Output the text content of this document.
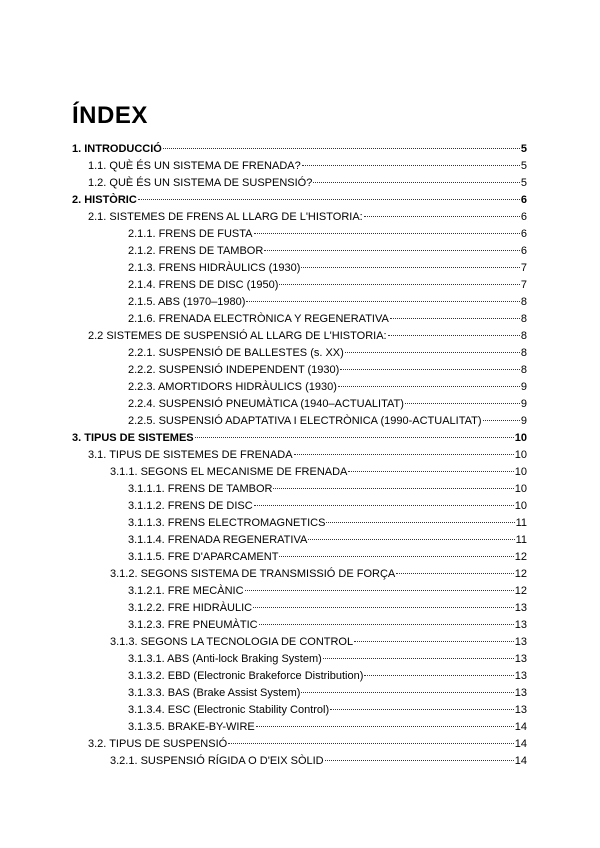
ÍNDEX
1. INTRODUCCIÓ	5
1.1. QUÈ ÉS UN SISTEMA DE FRENADA?	5
1.2. QUÈ ÉS UN SISTEMA DE SUSPENSIÓ?	5
2. HISTÒRIC	6
2.1. SISTEMES DE FRENS AL LLARG DE L'HISTORIA:	6
2.1.1. FRENS DE FUSTA	6
2.1.2. FRENS DE TAMBOR	6
2.1.3. FRENS HIDRÀULICS (1930)	7
2.1.4. FRENS DE DISC (1950)	7
2.1.5. ABS (1970–1980)	8
2.1.6. FRENADA ELECTRÒNICA Y REGENERATIVA	8
2.2 SISTEMES DE SUSPENSIÓ AL LLARG DE L'HISTORIA:	8
2.2.1. SUSPENSIÓ DE BALLESTES (s. XX)	8
2.2.2. SUSPENSIÓ INDEPENDENT (1930)	8
2.2.3. AMORTIDORS HIDRÀULICS (1930)	9
2.2.4. SUSPENSIÓ PNEUMÀTICA (1940–ACTUALITAT)	9
2.2.5. SUSPENSIÓ ADAPTATIVA I ELECTRÒNICA (1990-ACTUALITAT)	9
3. TIPUS DE SISTEMES	10
3.1. TIPUS DE SISTEMES DE FRENADA	10
3.1.1. SEGONS EL MECANISME DE FRENADA	10
3.1.1.1. FRENS DE TAMBOR	10
3.1.1.2. FRENS DE DISC	10
3.1.1.3. FRENS ELECTROMAGNETICS	11
3.1.1.4. FRENADA REGENERATIVA	11
3.1.1.5. FRE D'APARCAMENT	12
3.1.2. SEGONS SISTEMA DE TRANSMISSIÓ DE FORÇA	12
3.1.2.1. FRE MECÀNIC	12
3.1.2.2. FRE HIDRÀULIC	13
3.1.2.3. FRE PNEUMÀTIC	13
3.1.3. SEGONS LA TECNOLOGIA DE CONTROL	13
3.1.3.1. ABS (Anti-lock Braking System)	13
3.1.3.2. EBD (Electronic Brakeforce Distribution)	13
3.1.3.3. BAS (Brake Assist System)	13
3.1.3.4. ESC (Electronic Stability Control)	13
3.1.3.5. BRAKE-BY-WIRE	14
3.2. TIPUS DE SUSPENSIÓ	14
3.2.1. SUSPENSIÓ RÍGIDA O D'EIX SÒLID	14
